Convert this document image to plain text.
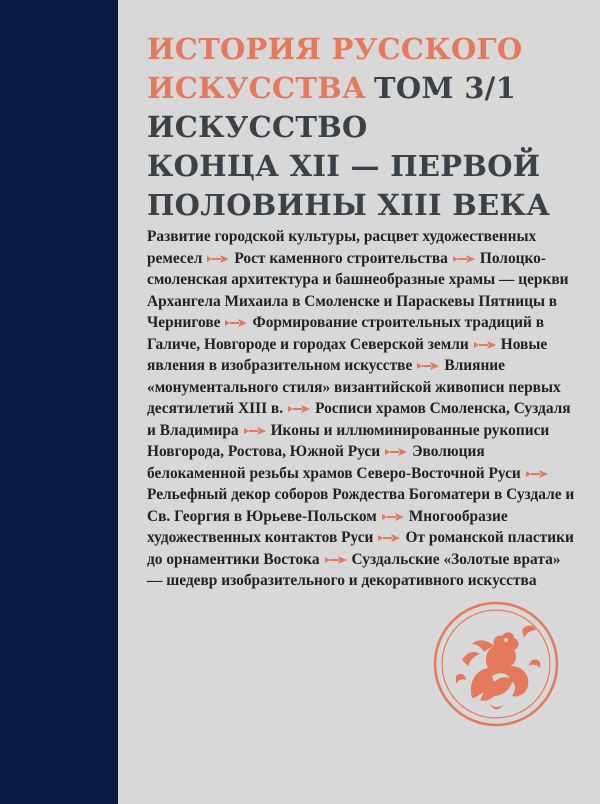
ИСТОРИЯ РУССКОГО
ИСКУССТВА ТОМ 3/1
ИСКУССТВО
КОНЦА XII — ПЕРВОЙ
ПОЛОВИНЫ XIII ВЕКА
Развитие городской культуры, расцвет художественных ремесел Рост каменного строительства Полоцко-смоленская архитектура и башнеобразные храмы — церкви Архангела Михаила в Смоленске и Параскевы Пятницы в Чернигове Формирование строительных традиций в Галиче, Новгороде и городах Северской земли Новые явления в изобразительном искусстве Влияние «монументального стиля» византийской живописи первых десятилетий XIII в. Росписи храмов Смоленска, Суздаля и Владимира Иконы и иллюминированные рукописи Новгорода, Ростова, Южной Руси Эволюция белокаменной резьбы храмов Северо-Восточной Руси
Рельефный декор соборов Рождества Богоматери в Суздале и Св. Георгия в Юрьеве-Польском Многообразие художественных контактов Руси От романской пластики до орнаментики Востока Суздальские «Золотые врата» — шедевр изобразительного и декоративного искусства
